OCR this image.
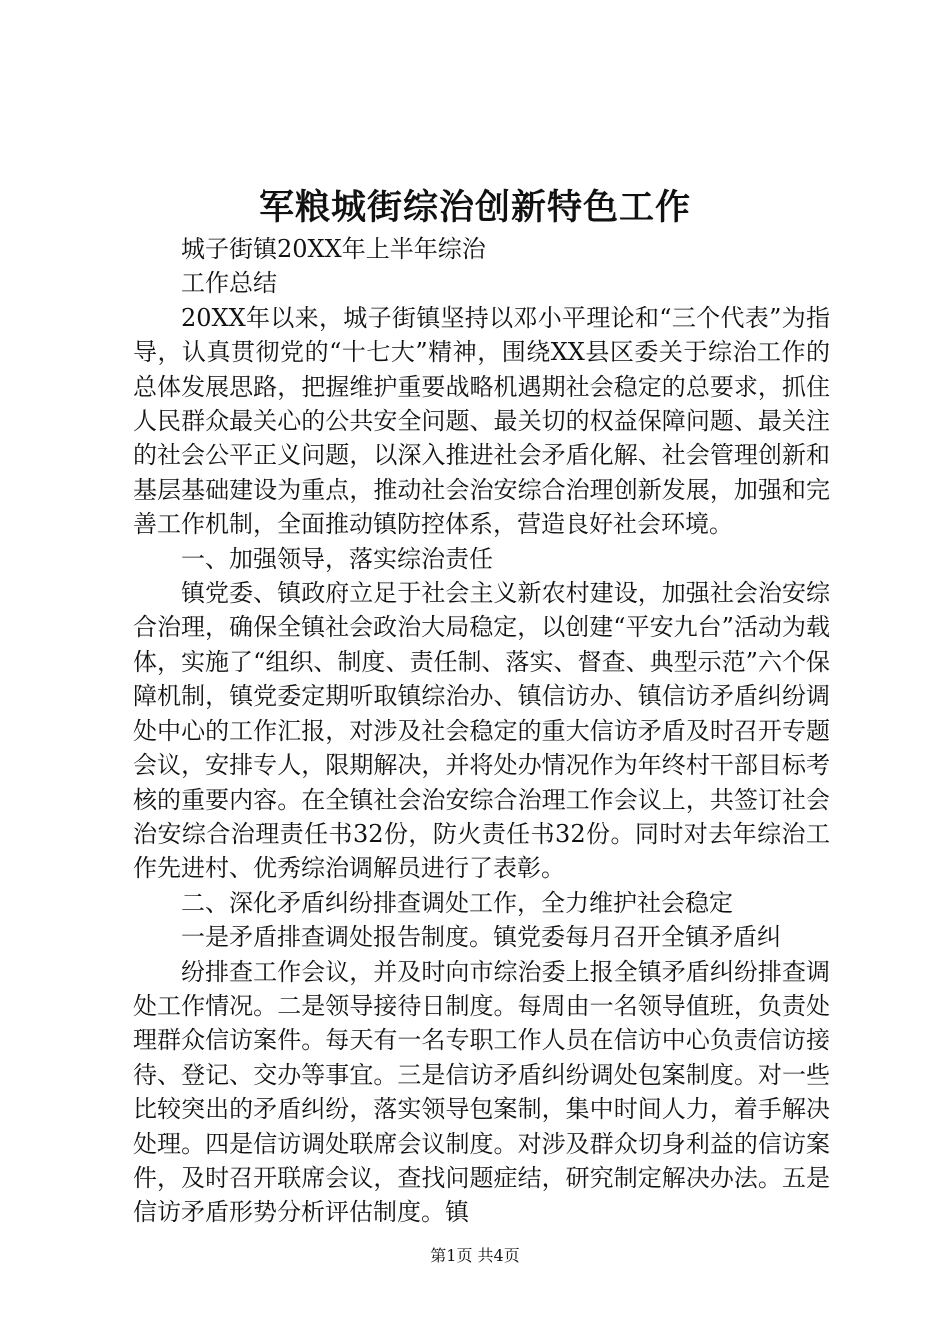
军粮城街综治创新特色工作

城子街镇20XX年上半年综治

工作总结

20XX年以来，城子街镇坚持以邓小平理论和“三个代表”为指导，认真贯彻党的“十七大”精神，围绕XX县区委关于综治工作的总体发展思路，把握维护重要战略机遇期社会稳定的总要求，抓住人民群众最关心的公共安全问题、最关切的权益保障问题、最关注的社会公平正义问题，以深入推进社会矛盾化解、社会管理创新和基层基础建设为重点，推动社会治安综合治理创新发展，加强和完善工作机制，全面推动镇防控体系，营造良好社会环境。

一、加强领导，落实综治责任

镇党委、镇政府立足于社会主义新农村建设，加强社会治安综合治理，确保全镇社会政治大局稳定，以创建“平安九台”活动为载体，实施了“组织、制度、责任制、落实、督查、典型示范”六个保障机制，镇党委定期听取镇综治办、镇信访办、镇信访矛盾纠纷调处中心的工作汇报，对涉及社会稳定的重大信访矛盾及时召开专题会议，安排专人，限期解决，并将处办情况作为年终村干部目标考核的重要内容。在全镇社会治安综合治理工作会议上，共签订社会治安综合治理责任书32份，防火责任书32份。同时对去年综治工作先进村、优秀综治调解员进行了表彰。

二、深化矛盾纠纷排查调处工作，全力维护社会稳定

一是矛盾排查调处报告制度。镇党委每月召开全镇矛盾纠

纷排查工作会议，并及时向市综治委上报全镇矛盾纠纷排查调处工作情况。二是领导接待日制度。每周由一名领导值班，负责处理群众信访案件。每天有一名专职工作人员在信访中心负责信访接待、登记、交办等事宜。三是信访矛盾纠纷调处包案制度。对一些比较突出的矛盾纠纷，落实领导包案制，集中时间人力，着手解决处理。四是信访调处联席会议制度。对涉及群众切身利益的信访案件，及时召开联席会议，查找问题症结，研究制定解决办法。五是信访矛盾形势分析评估制度。镇

第1页 共4页
